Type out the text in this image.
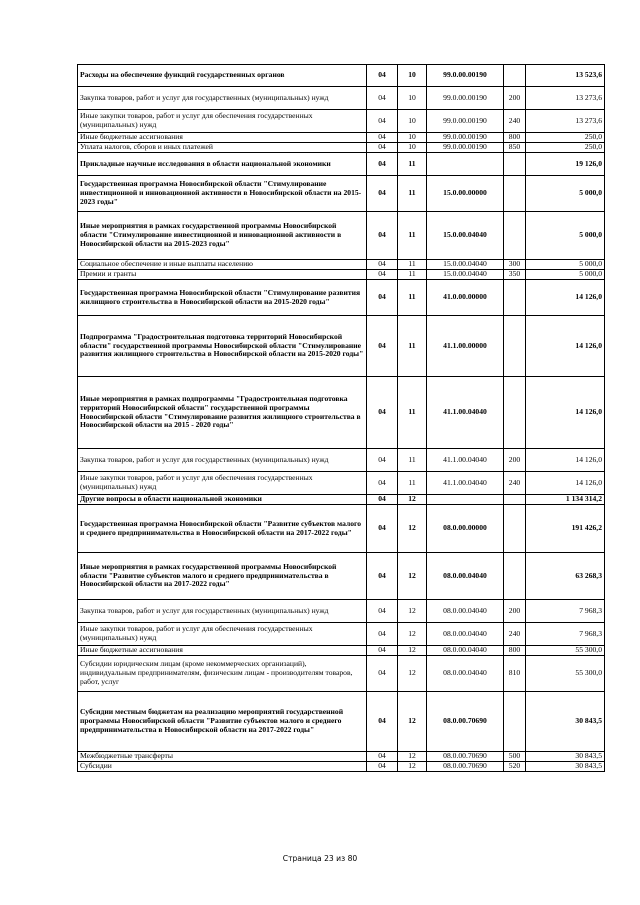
Расходы на обеспечение функций государственных органов	04	10	99.0.00.00190		13 523,6
Закупка товаров, работ и услуг для государственных (муниципальных) нужд	04	10	99.0.00.00190	200	13 273,6
Иные закупки товаров, работ и услуг для обеспечения государственных (муниципальных) нужд	04	10	99.0.00.00190	240	13 273,6
Иные бюджетные ассигнования	04	10	99.0.00.00190	800	250,0
Уплата налогов, сборов и иных платежей	04	10	99.0.00.00190	850	250,0
Прикладные научные исследования в области национальной экономики	04	11			19 126,0
Государственная программа Новосибирской области "Стимулирование инвестиционной и инновационной активности в Новосибирской области на 2015-2023 годы"	04	11	15.0.00.00000		5 000,0
Иные мероприятия в рамках государственной программы Новосибирской области "Стимулирование инвестиционной и инновационной активности в Новосибирской области на 2015-2023 годы"	04	11	15.0.00.04040		5 000,0
Социальное обеспечение и иные выплаты населению	04	11	15.0.00.04040	300	5 000,0
Премии и гранты	04	11	15.0.00.04040	350	5 000,0
Государственная программа Новосибирской области "Стимулирование развития жилищного строительства в Новосибирской области на 2015-2020 годы"	04	11	41.0.00.00000		14 126,0
Подпрограмма "Градостроительная подготовка территорий Новосибирской области" государственной программы Новосибирской области "Стимулирование развития жилищного строительства в Новосибирской области на 2015-2020 годы"	04	11	41.1.00.00000		14 126,0
Иные мероприятия в рамках подпрограммы "Градостроительная подготовка территорий Новосибирской области" государственной программы Новосибирской области "Стимулирование развития жилищного строительства в Новосибирской области на 2015 - 2020 годы"	04	11	41.1.00.04040		14 126,0
Закупка товаров, работ и услуг для государственных (муниципальных) нужд	04	11	41.1.00.04040	200	14 126,0
Иные закупки товаров, работ и услуг для обеспечения государственных (муниципальных) нужд	04	11	41.1.00.04040	240	14 126,0
Другие вопросы в области национальной экономики	04	12			1 134 314,2
Государственная программа Новосибирской области "Развитие субъектов малого и среднего предпринимательства в Новосибирской области на 2017-2022 годы"	04	12	08.0.00.00000		191 426,2
Иные мероприятия в рамках государственной программы Новосибирской области "Развитие субъектов малого и среднего предпринимательства в Новосибирской области на 2017-2022 годы"	04	12	08.0.00.04040		63 268,3
Закупка товаров, работ и услуг для государственных (муниципальных) нужд	04	12	08.0.00.04040	200	7 968,3
Иные закупки товаров, работ и услуг для обеспечения государственных (муниципальных) нужд	04	12	08.0.00.04040	240	7 968,3
Иные бюджетные ассигнования	04	12	08.0.00.04040	800	55 300,0
Субсидии юридическим лицам (кроме некоммерческих организаций), индивидуальным предпринимателям, физическим лицам - производителям товаров, работ, услуг	04	12	08.0.00.04040	810	55 300,0
Субсидии местным бюджетам на реализацию мероприятий государственной программы Новосибирской области "Развитие субъектов малого и среднего предпринимательства в Новосибирской области на 2017-2022 годы"	04	12	08.0.00.70690		30 843,5
Межбюджетные трансферты	04	12	08.0.00.70690	500	30 843,5
Субсидии	04	12	08.0.00.70690	520	30 843,5
Страница 23 из 80
